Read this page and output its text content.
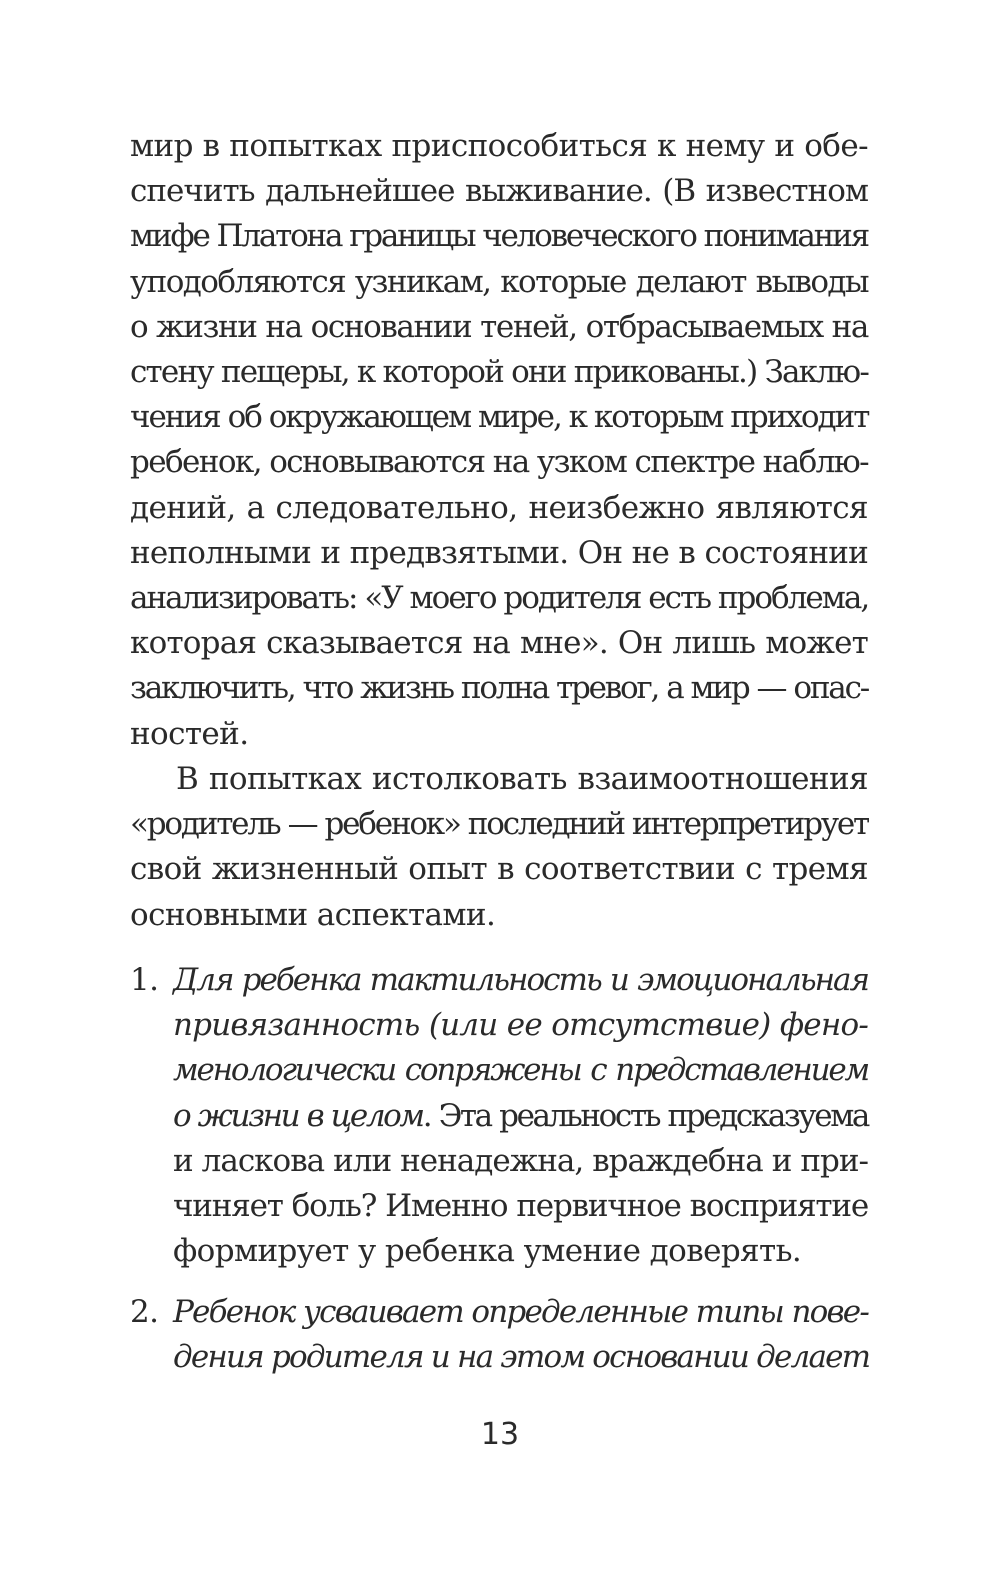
мир в попытках приспособиться к нему и обе-
спечить дальнейшее выживание. (В известном
мифе Платона границы человеческого понимания
уподобляются узникам, которые делают выводы
о жизни на основании теней, отбрасываемых на
стену пещеры, к которой они прикованы.) Заклю-
чения об окружающем мире, к которым приходит
ребенок, основываются на узком спектре наблю-
дений, а следовательно, неизбежно являются
неполными и предвзятыми. Он не в состоянии
анализировать: «У моего родителя есть проблема,
которая сказывается на мне». Он лишь может
заключить, что жизнь полна тревог, а мир — опас-
ностей.
В попытках истолковать взаимоотношения
«родитель — ребенок» последний интерпретирует
свой жизненный опыт в соответствии с тремя
основными аспектами.
1. Для ребенка тактильность и эмоциональная
привязанность (или ее отсутствие) фено-
менологически сопряжены с представлением
о жизни в целом. Эта реальность предсказуема
и ласкова или ненадежна, враждебна и при-
чиняет боль? Именно первичное восприятие
формирует у ребенка умение доверять.
2. Ребенок усваивает определенные типы пове-
дения родителя и на этом основании делает
13
